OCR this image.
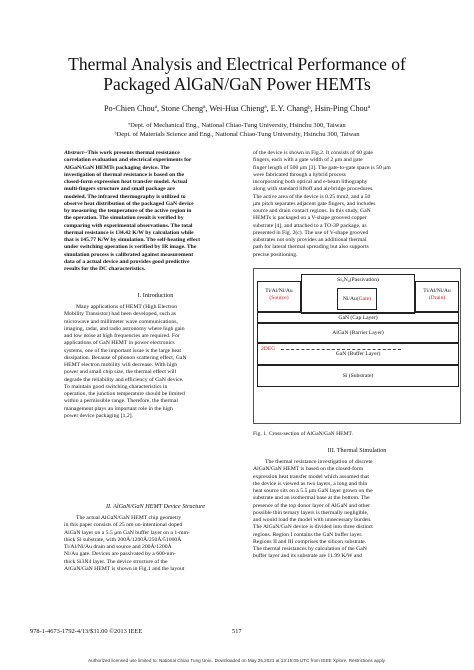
Thermal Analysis and Electrical Performance of
Packaged AlGaN/GaN Power HEMTs
Po-Chien Chouª, Stone Chengª, Wei-Hua Chiengª, E.Y. Changᵇ, Hsin-Ping Chouª
ªDept. of Mechanical Eng., National Chiao-Tung University, Hsinchu 300, Taiwan
ᵇDept. of Materials Science and Eng., National Chiao-Tung University, Hsinchu 300, Taiwan
Abstract--This work presents thermal resistance
correlation evaluation and electrical experiments for
AlGaN/GaN HEMTs packaging device. The
investigation of thermal resistance is based on the
closed-form expression heat transfer model. Actual
multi-fingers structure and small package are
modeled. The infrared thermography is utilized to
observe heat distribution of the packaged GaN device
by measuring the temperature of the active region in
the operation. The simulation result is verified by
comparing with experimental observations. The total
thermal resistance is 134.42 K/W by calculation while
that is 145.77 K/W by simulation. The self-heating effect
under switching operation is verified by IR image. The
simulation process is calibrated against measurement
data of a actual device and provides good predictive
results for the DC characteristics.
I. Introduction
Many applications of HEMT (High Electron
Mobility Transistor) had been developed, such as
microwave and millimeter wave communications,
imaging, radar, and radio astronomy where high gain
and low noise at high frequencies are required. For
applications of GaN HEMT in power electronics
systems, one of the important issue is the large heat
dissipation. Because of phonon scattering effect, GaN
HEMT electron mobility will decrease. With high
power and small chip size, the thermal effect will
degrade the reliability and efficiency of GaN device.
To maintain good switching characteristics in
operation, the junction temperature should be limited
within a permissible range. Therefore, the thermal
management plays an important role in the high
power device packaging [1,2].
II. AlGaN/GaN HEMT Device Structure
The actual AlGaN/GaN HEMT chip geometry
in this paper consists of 25 nm un-intentional doped
AlGaN layer on a 5.5 μm GaN buffer layer on a 1-mm-
thick Si substrate, with 200Å/1200Å/250Å/51000Å
Ti/Al/Ni/Au drain and source and 200Å/1200Å
Ni/Au gate. Devices are passivated by a 600-nm-
thick Si3N4 layer. The device structure of the
AlGaN/GaN HEMT is shown in Fig.1 and the layout
of the device is shown in Fig.2. It consists of 60 gate
fingers, each with a gate width of 2 μm and gate
finger length of 500 μm [3]. The gate-to-gate space is 50 μm
were fabricated through a hybrid process
incorporating both optical and e-beam lithography
along with standard liftoff and air-bridge procedures.
The active area of the device is 0.25 mm2, and a 50
μm pitch separates adjacent gate fingers, and includes
source and drain contact regions. In this study, GaN
HEMTs is packaged on a V-shape grooved copper
substrate [4], and attached to a TO-3P package, as
presented in Fig. 2(c). The use of V-shape grooved
substrates not only provides an additional thermal
path for lateral thermal spreading but also supports
precise positioning.
Si₃N₄(Passivation)
Ti/Al/Ni/Au
(Source)	Ni/Au(Gate)
Ti/Al/Ni/Au
(Drain)
GaN (Cap Layer)
AlGaN (Barrier Layer)
GaN (Buffer Layer)
2DEG
Si (Substrate)
Fig. 1. Cross-section of AlGaN/GaN HEMT.
III. Thermal Simulation
The thermal resistance investigation of discrete
AlGaN/GaN HEMT is based on the closed-form
expression heat transfer model which assumed that
the device is viewed as two layers, a long and thin
heat source sits on a 5.5 μm GaN layer grown on the
substrate and an isothermal base at the bottom. The
presence of the top donor layer of AlGaN and other
possible thin ternary layers is thermally negligible,
and would load the model with unnecessary burden.
The AlGaN/GaN device is divided into three distinct
regions. Region I contains the GaN buffer layer.
Regions II and III comprises the silicon substrate.
The thermal resistances by calculation of the GaN
buffer layer and its substrate are 11.99 K/W and
978-1-4673-1792-4/13/$31.00 ©2013 IEEE	517
Authorized licensed use limited to: National Chiao Tung Univ.. Downloaded on May 25,2021 at 13:15:09 UTC from IEEE Xplore. Restrictions apply.
